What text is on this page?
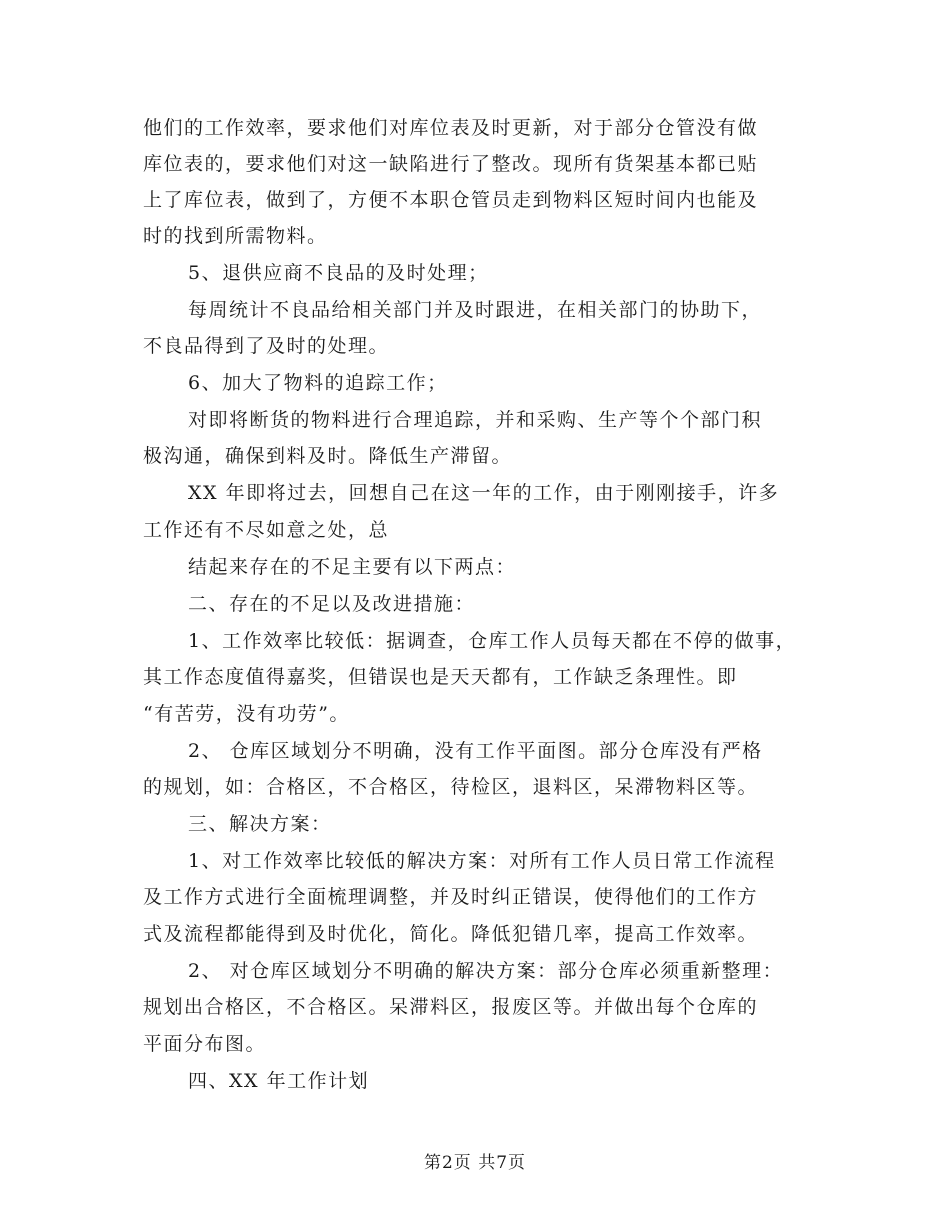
他们的工作效率，要求他们对库位表及时更新，对于部分仓管没有做
库位表的，要求他们对这一缺陷进行了整改。现所有货架基本都已贴
上了库位表，做到了，方便不本职仓管员走到物料区短时间内也能及
时的找到所需物料。
5、退供应商不良品的及时处理；
每周统计不良品给相关部门并及时跟进，在相关部门的协助下，
不良品得到了及时的处理。
6、加大了物料的追踪工作；
对即将断货的物料进行合理追踪，并和采购、生产等个个部门积
极沟通，确保到料及时。降低生产滞留。
XX 年即将过去，回想自己在这一年的工作，由于刚刚接手，许多
工作还有不尽如意之处，总
结起来存在的不足主要有以下两点：
二、存在的不足以及改进措施：
1、工作效率比较低：据调查，仓库工作人员每天都在不停的做事，
其工作态度值得嘉奖，但错误也是天天都有，工作缺乏条理性。即
“有苦劳，没有功劳”。
2、 仓库区域划分不明确，没有工作平面图。部分仓库没有严格
的规划，如：合格区，不合格区，待检区，退料区，呆滞物料区等。
三、解决方案：
1、对工作效率比较低的解决方案：对所有工作人员日常工作流程
及工作方式进行全面梳理调整，并及时纠正错误，使得他们的工作方
式及流程都能得到及时优化，简化。降低犯错几率，提高工作效率。
2、 对仓库区域划分不明确的解决方案：部分仓库必须重新整理：
规划出合格区，不合格区。呆滞料区，报废区等。并做出每个仓库的
平面分布图。
四、XX 年工作计划
第2页 共7页
